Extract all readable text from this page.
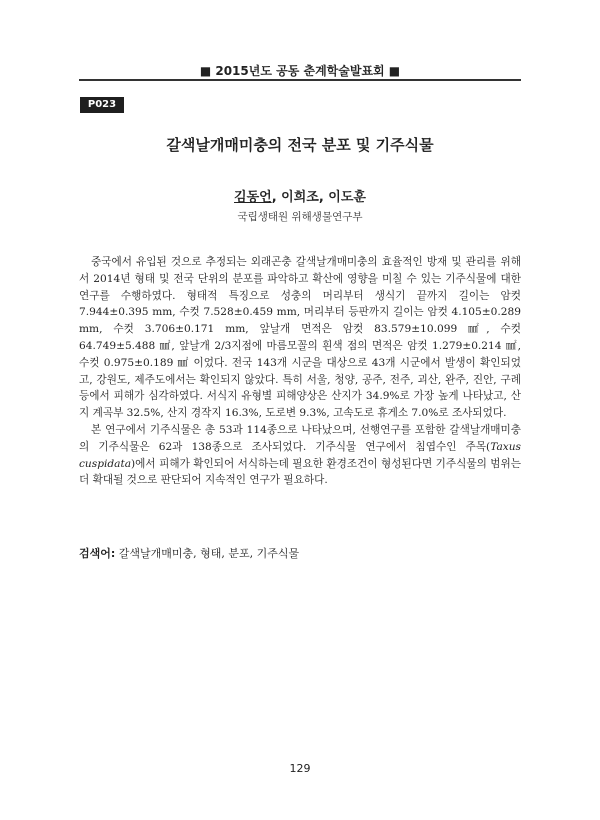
■ 2015년도 공동 춘계학술발표회 ■
P023
갈색날개매미충의 전국 분포 및 기주식물
김동언, 이희조, 이도훈
국립생태원 위해생물연구부

중국에서 유입된 것으로 추정되는 외래곤충 갈색날개매미충의 효율적인 방재 및 관리를 위해서 2014년 형태 및 전국 단위의 분포를 파악하고 확산에 영향을 미칠 수 있는 기주식물에 대한 연구를 수행하였다. 형태적 특징으로 성충의 머리부터 생식기 끝까지 길이는 암컷 7.944±0.395 mm, 수컷 7.528±0.459 mm, 머리부터 등판까지 길이는 암컷 4.105±0.289 mm, 수컷 3.706±0.171 mm, 앞날개 면적은 암컷 83.579±10.099 ㎟, 수컷 64.749±5.488 ㎟, 앞날개 2/3지점에 마름모꼴의 흰색 점의 면적은 암컷 1.279±0.214 ㎟, 수컷 0.975±0.189 ㎟ 이었다. 전국 143개 시군을 대상으로 43개 시군에서 발생이 확인되었고, 강원도, 제주도에서는 확인되지 않았다. 특히 서울, 청양, 공주, 전주, 괴산, 완주, 진안, 구례 등에서 피해가 심각하였다. 서식지 유형별 피해양상은 산지가 34.9%로 가장 높게 나타났고, 산지 계곡부 32.5%, 산지 경작지 16.3%, 도로변 9.3%, 고속도로 휴게소 7.0%로 조사되었다.

본 연구에서 기주식물은 총 53과 114종으로 나타났으며, 선행연구를 포함한 갈색날개매미충의 기주식물은 62과 138종으로 조사되었다. 기주식물 연구에서 침엽수인 주목(Taxus cuspidata)에서 피해가 확인되어 서식하는데 필요한 환경조건이 형성된다면 기주식물의 범위는 더 확대될 것으로 판단되어 지속적인 연구가 필요하다.

검색어: 갈색날개매미충, 형태, 분포, 기주식물
129
